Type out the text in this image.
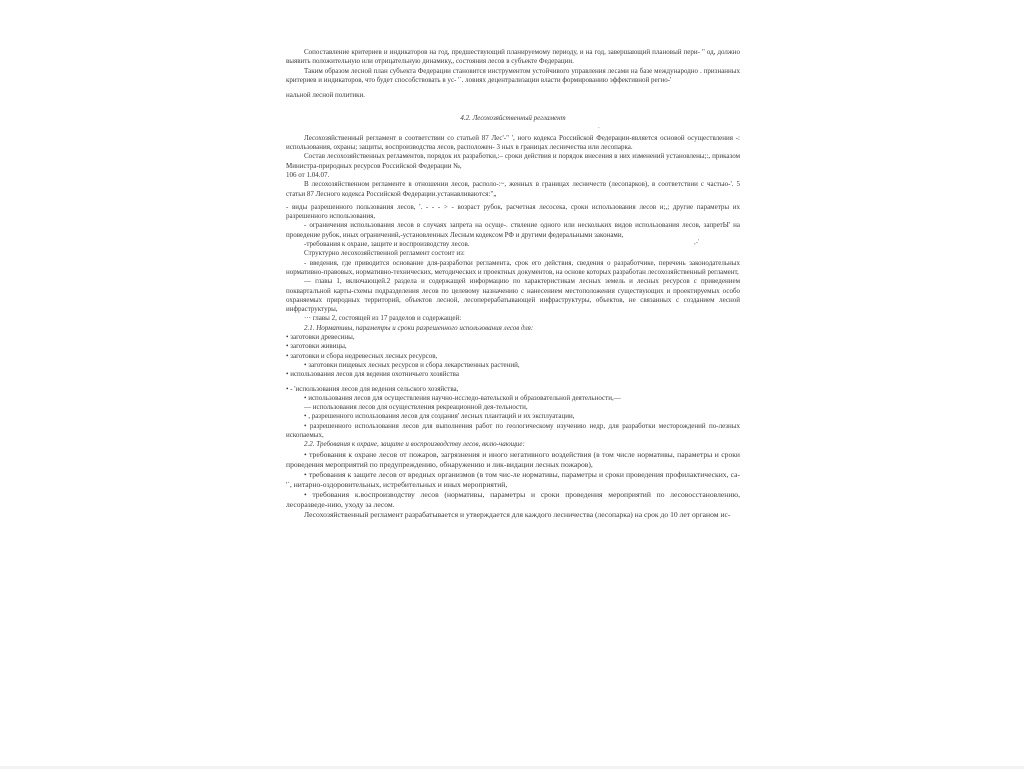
Сопоставление критериев и индикаторов на год, предшествующий планируемому периоду, и на год, завершающий плановый пери- " од, должно выявить положительную или отрицательную динамику,, состояния лесов в субъекте Федерации.

Таким образом лесной план субъекта Федерации становится инструментом устойчивого управления лесами на базе международно . признанных критериев и индикаторов, что будет способствовать в ус- '`. ловиях децентрализации власти формированию эффективной регио-'

нальной лесной политики.

4.2. Лесохозяйственный регламент

Лесохозяйственный регламент в соответствии со статьей 87 Лес'-" ', ного кодекса Российской Федерации-является основой осуществления -: использования, охраны; защиты, воспроизводства лесов, расположен- 3 ных в границах лесничества или лесопарка.

Состав лесохозяйственных регламентов, порядок их разработки,:– сроки действия и порядок внесения в них изменений установлены;:, приказом Министра-природных ресурсов Российской Федерации №,

106 от 1.04.07.

В лесохозяйственном регламенте в отношении лесов, располо-:~, женных в границах лесничеств (лесопарков), в соответствии с частью-'. 5 статьи 87 Лесного кодекса Российской Федерации.устанавливаются:"„

- виды разрешенного пользования лесов, '. - - - > - возраст рубок, расчетная лесосека, сроки использования лесов и;,; другие параметры их разрешенного использования,

- ограничения использования лесов в случаях запрета на осуще-. ствление одного или нескольких видов использования лесов, запретЫ' на проведение рубок, иных ограничений,-установленных Лесным кодексом РФ и другими федеральными законами,

-требования к охране, защите и воспроизводству лесов.

Структурно лесохозяйственной регламент состоит из:

- введения, где приводится основание для-разработки регламента, срок его действия, сведения о разработчике, перечень законодательных нормативно-правовых, нормативно-технических, методических и проектных документов, на основе которых разработан лесохозяйственный регламент,

— главы 1, включающей.2 раздела и содержащей информацию по характеристикам лесных земель и лесных ресурсов с приведением покварталъной карты-схемы подразделения лесов по целевому назначению с нанесением местоположения существующих и проектируемых особо охраняемых природных территорий, объектов лесной, лесоперерабатывающей инфраструктуры, объектов, не связанных с созданием лесной инфраструктуры,

··· главы 2, состоящей из 17 разделов и содержащей:

2.1. Нормативы, параметры и сроки разрешенного использования лесов для:

• заготовки древесины,

• заготовки живицы,

• заготовки и сбора недревесных лесных ресурсов,

• заготовки пищевых лесных ресурсов и сбора лекарственных растений,

• использования лесов для ведения охотничьего хозяйства

• - 'использования лесов для ведения сельского хозяйства,

• использования лесов для осуществления научно-исследо-вательской и образовательной деятельности,—

— использования лесов для осуществления рекреационной дея-тельности,

• , разрешенного использования лесов для создания' лесных плантаций и их эксплуатации,

• разрешенного использования лесов для выполнения работ по геологическому изучению недр, для разработки месторождений по-лезных ископаемых,

2.2. Требования к охране, защите и воспроизводству лесов, вклю-чающие:

• требования к охране лесов от пожаров, загрязнения и иного негативного воздействия (в том числе нормативы, параметры и сроки проведения мероприятий по предупреждению, обнаружению и лик-видации лесных пожаров),

• требования к защите лесов от вредных организмов (в том чис-ле нормативы, параметры и сроки проведения профилактических, са- '`, нитарно-оздоровительных, истребительных и иных мероприятий,

• требования к.воспроизводству лесов (нормативы, параметры и сроки проведения мероприятий по лесовосстановлению, лесоразведе-нию, уходу за лесом.

Лесохозяйственный регламент разрабатывается и утверждается для каждого лесничества (лесопарка) на срок до 10 лет органом ис-

.
,-'
